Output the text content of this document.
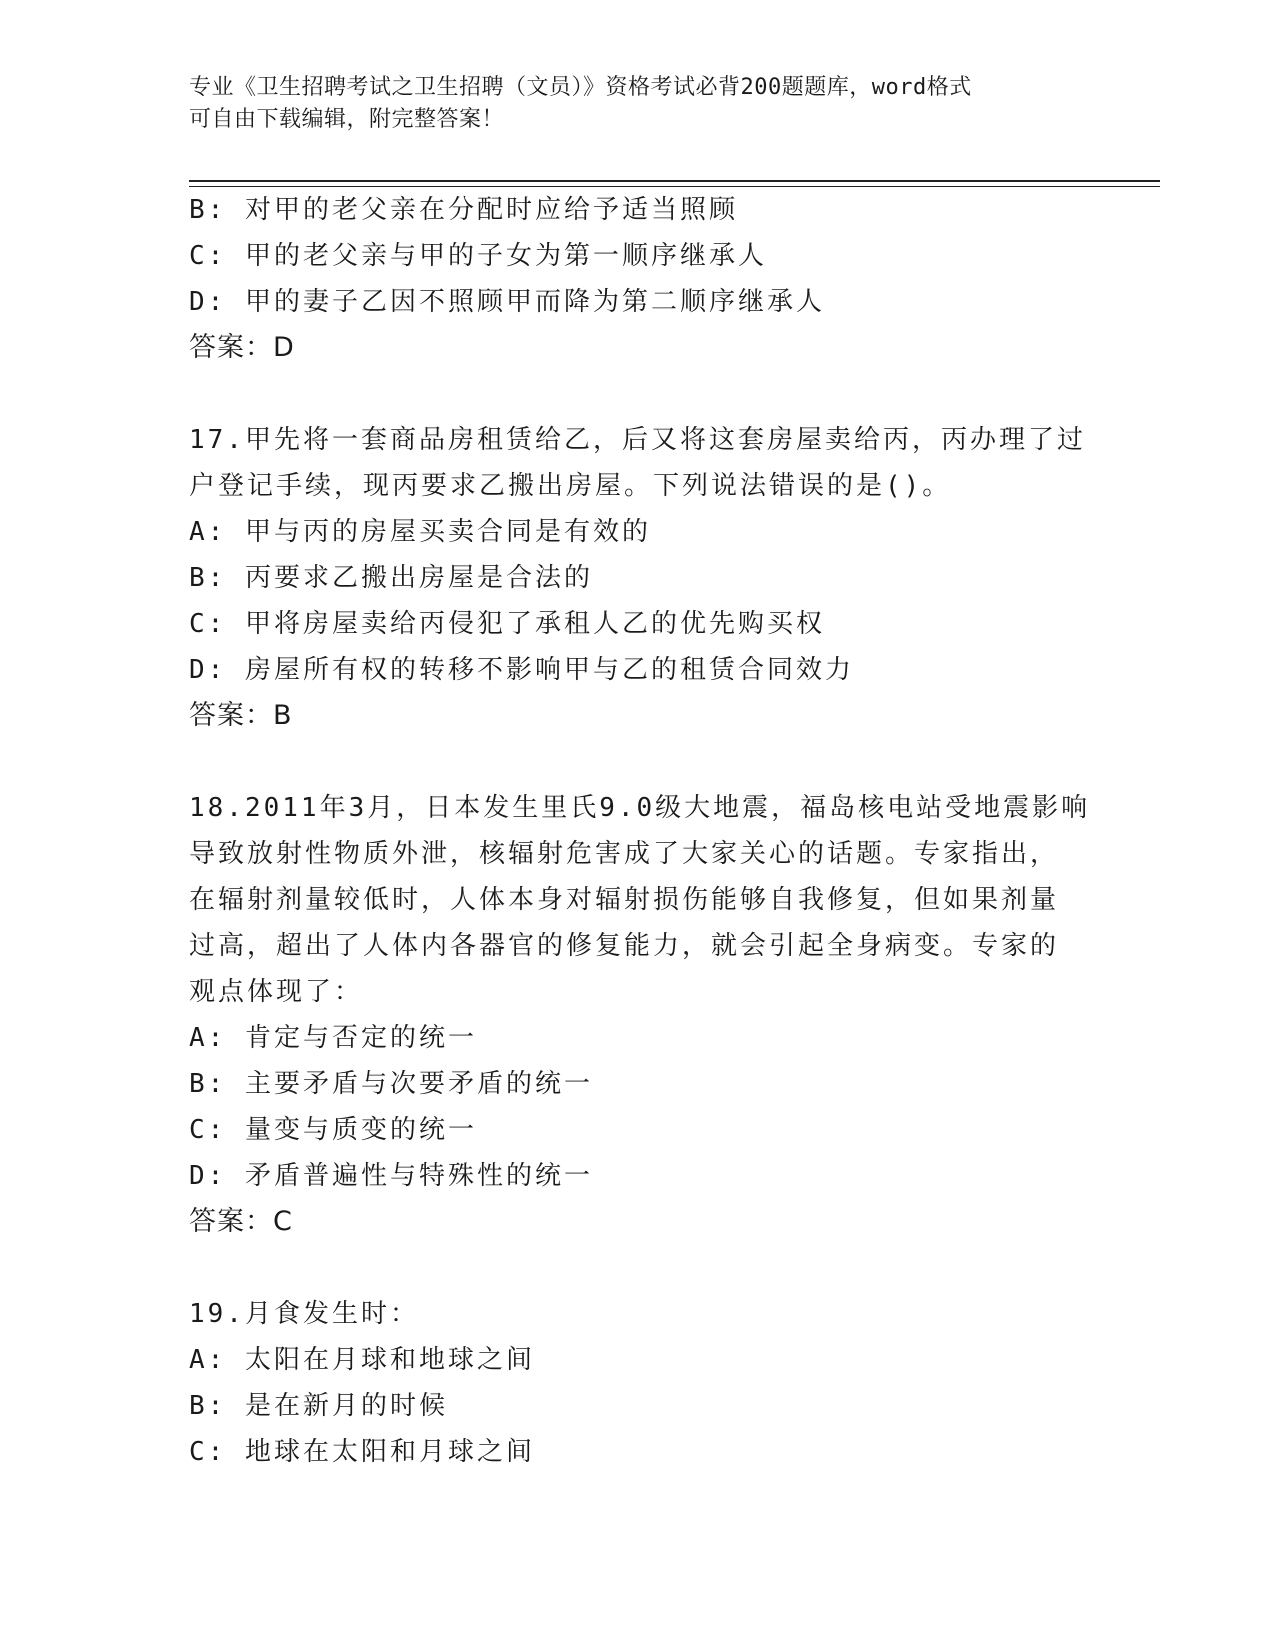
专业《卫生招聘考试之卫生招聘（文员）》资格考试必背200题题库，word格式
可自由下载编辑，附完整答案！
B: 对甲的老父亲在分配时应给予适当照顾
C: 甲的老父亲与甲的子女为第一顺序继承人
D: 甲的妻子乙因不照顾甲而降为第二顺序继承人
答案：D
17.甲先将一套商品房租赁给乙，后又将这套房屋卖给丙，丙办理了过
户登记手续，现丙要求乙搬出房屋。下列说法错误的是()。
A: 甲与丙的房屋买卖合同是有效的
B: 丙要求乙搬出房屋是合法的
C: 甲将房屋卖给丙侵犯了承租人乙的优先购买权
D: 房屋所有权的转移不影响甲与乙的租赁合同效力
答案：B
18.2011年3月，日本发生里氏9.0级大地震，福岛核电站受地震影响
导致放射性物质外泄，核辐射危害成了大家关心的话题。专家指出，
在辐射剂量较低时，人体本身对辐射损伤能够自我修复，但如果剂量
过高，超出了人体内各器官的修复能力，就会引起全身病变。专家的
观点体现了：
A: 肯定与否定的统一
B: 主要矛盾与次要矛盾的统一
C: 量变与质变的统一
D: 矛盾普遍性与特殊性的统一
答案：C
19.月食发生时：
A: 太阳在月球和地球之间
B: 是在新月的时候
C: 地球在太阳和月球之间
